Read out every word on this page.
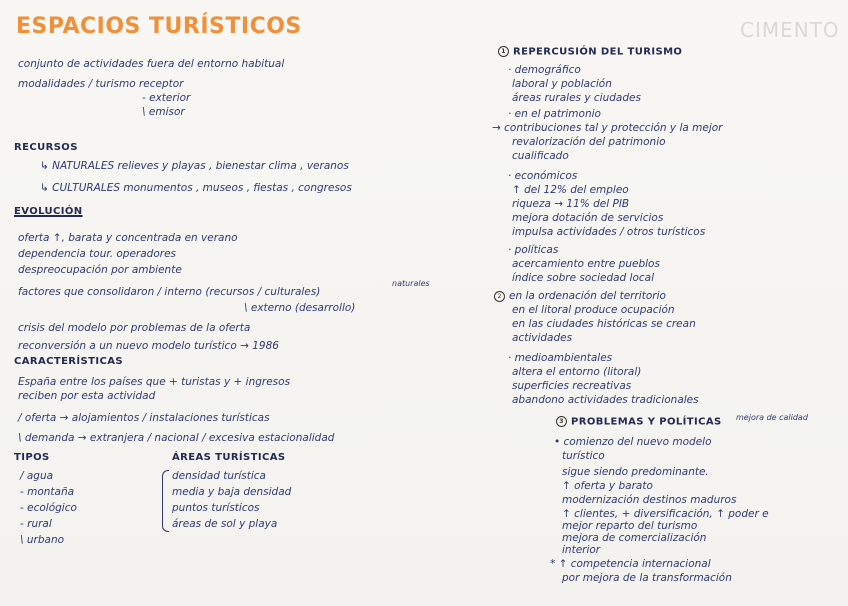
CIMENTO
ESPACIOS TURÍSTICOS
conjunto de actividades fuera del entorno habitual
modalidades / turismo receptor
- exterior
\ emisor
RECURSOS
↳ NATURALES relieves y playas , bienestar clima , veranos
↳ CULTURALES monumentos , museos , fiestas , congresos
EVOLUCIÓN
oferta ↑, barata y concentrada en verano
dependencia tour. operadores
despreocupación por ambiente
naturales
factores que consolidaron / interno (recursos / culturales)
\ externo (desarrollo)
crisis del modelo por problemas de la oferta
reconversión a un nuevo modelo turístico → 1986
CARACTERÍSTICAS
España entre los países que + turistas y + ingresos
reciben por esta actividad
/ oferta → alojamientos / instalaciones turísticas
\ demanda → extranjera / nacional / excesiva estacionalidad
TIPOS
/ agua
- montaña
- ecológico
- rural
\ urbano
ÁREAS TURÍSTICAS
densidad turística
media y baja densidad
puntos turísticos
áreas de sol y playa
1 REPERCUSIÓN DEL TURISMO
· demográfico
laboral y población
áreas rurales y ciudades
· en el patrimonio
→ contribuciones tal y protección y la mejor
revalorización del patrimonio
cualificado
· económicos
↑ del 12% del empleo
riqueza → 11% del PIB
mejora dotación de servicios
impulsa actividades / otros turísticos
· políticas
acercamiento entre pueblos
índice sobre sociedad local
2 en la ordenación del territorio
en el litoral produce ocupación
en las ciudades históricas se crean
actividades
· medioambientales
altera el entorno (litoral)
superficies recreativas
abandono actividades tradicionales
3 PROBLEMAS Y POLÍTICAS mejora de calidad
• comienzo del nuevo modelo
turístico
sigue siendo predominante.
↑ oferta y barato
modernización destinos maduros
↑ clientes, + diversificación, ↑ poder e
mejor reparto del turismo
mejora de comercialización
interior
* ↑ competencia internacional
por mejora de la transformación
